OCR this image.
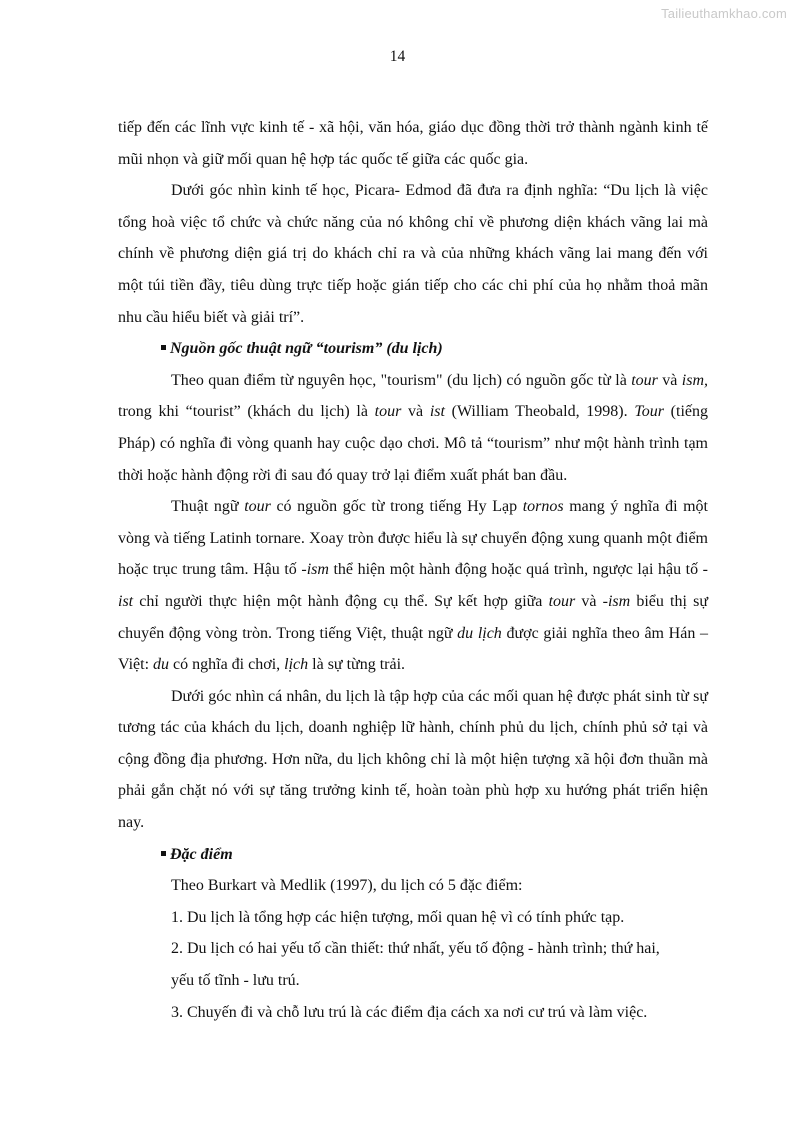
Tailieuthamkhao.com
14

tiếp đến các lĩnh vực kinh tế - xã hội, văn hóa, giáo dục đồng thời trở thành ngành kinh tế mũi nhọn và giữ mối quan hệ hợp tác quốc tế giữa các quốc gia.

Dưới góc nhìn kinh tế học, Picara- Edmod đã đưa ra định nghĩa: “Du lịch là việc tổng hoà việc tổ chức và chức năng của nó không chỉ về phương diện khách vãng lai mà chính về phương diện giá trị do khách chỉ ra và của những khách vãng lai mang đến với một túi tiền đầy, tiêu dùng trực tiếp hoặc gián tiếp cho các chi phí của họ nhằm thoả mãn nhu cầu hiểu biết và giải trí”.

Nguồn gốc thuật ngữ “tourism” (du lịch)

Theo quan điểm từ nguyên học, "tourism" (du lịch) có nguồn gốc từ là tour và ism, trong khi “tourist” (khách du lịch) là tour và ist (William Theobald, 1998). Tour (tiếng Pháp) có nghĩa đi vòng quanh hay cuộc dạo chơi. Mô tả “tourism” như một hành trình tạm thời hoặc hành động rời đi sau đó quay trở lại điểm xuất phát ban đầu.

Thuật ngữ tour có nguồn gốc từ trong tiếng Hy Lạp tornos mang ý nghĩa đi một vòng và tiếng Latinh tornare. Xoay tròn được hiểu là sự chuyển động xung quanh một điểm hoặc trục trung tâm. Hậu tố -ism thể hiện một hành động hoặc quá trình, ngược lại hậu tố -ist chỉ người thực hiện một hành động cụ thể. Sự kết hợp giữa tour và -ism biểu thị sự chuyển động vòng tròn. Trong tiếng Việt, thuật ngữ du lịch được giải nghĩa theo âm Hán – Việt: du có nghĩa đi chơi, lịch là sự từng trải.

Dưới góc nhìn cá nhân, du lịch là tập hợp của các mối quan hệ được phát sinh từ sự tương tác của khách du lịch, doanh nghiệp lữ hành, chính phủ du lịch, chính phủ sở tại và cộng đồng địa phương. Hơn nữa, du lịch không chỉ là một hiện tượng xã hội đơn thuần mà phải gắn chặt nó với sự tăng trưởng kinh tế, hoàn toàn phù hợp xu hướng phát triển hiện nay.

Đặc điểm

Theo Burkart và Medlik (1997), du lịch có 5 đặc điểm:

1. Du lịch là tổng hợp các hiện tượng, mối quan hệ vì có tính phức tạp.

2. Du lịch có hai yếu tố cần thiết: thứ nhất, yếu tố động - hành trình; thứ hai,

yếu tố tĩnh - lưu trú.

3. Chuyến đi và chỗ lưu trú là các điểm địa cách xa nơi cư trú và làm việc.
